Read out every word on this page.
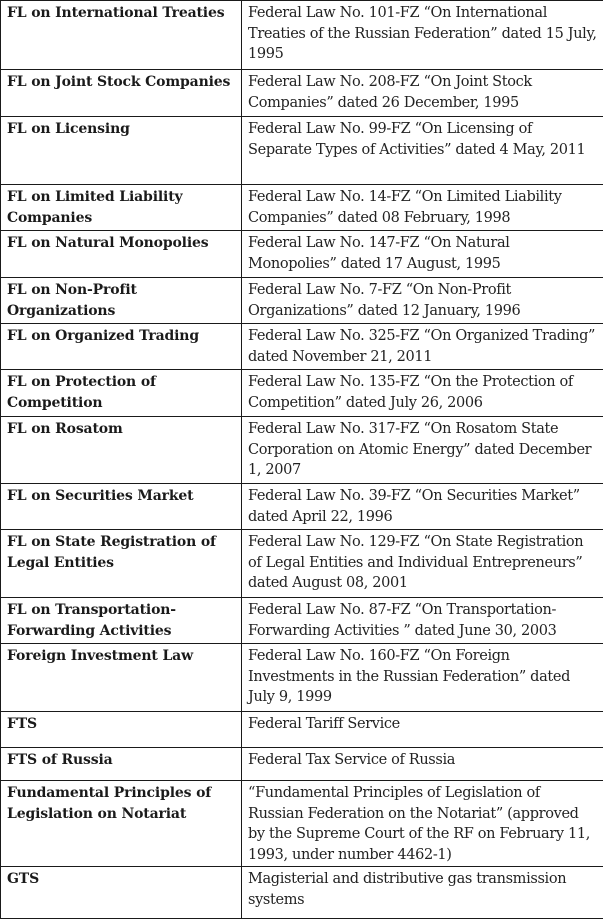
FL on International Treaties	Federal Law No. 101-FZ “On International Treaties of the Russian Federation” dated 15 July, 1995
FL on Joint Stock Companies	Federal Law No. 208-FZ “On Joint Stock Companies” dated 26 December, 1995
FL on Licensing	Federal Law No. 99-FZ “On Licensing of Separate Types of Activities” dated 4 May, 2011
FL on Limited Liability Companies	Federal Law No. 14-FZ “On Limited Liability Companies” dated 08 February, 1998
FL on Natural Monopolies	Federal Law No. 147-FZ “On Natural Monopolies” dated 17 August, 1995
FL on Non-Profit Organizations	Federal Law No. 7-FZ “On Non-Profit Organizations” dated 12 January, 1996
FL on Organized Trading	Federal Law No. 325-FZ “On Organized Trading” dated November 21, 2011
FL on Protection of Competition	Federal Law No. 135-FZ “On the Protection of Competition” dated July 26, 2006
FL on Rosatom	Federal Law No. 317-FZ “On Rosatom State Corporation on Atomic Energy” dated December 1, 2007
FL on Securities Market	Federal Law No. 39-FZ “On Securities Market” dated April 22, 1996
FL on State Registration of Legal Entities	Federal Law No. 129-FZ “On State Registration of Legal Entities and Individual Entrepreneurs” dated August 08, 2001
FL on Transportation-Forwarding Activities	Federal Law No. 87-FZ “On Transportation-Forwarding Activities ” dated June 30, 2003
Foreign Investment Law	Federal Law No. 160-FZ “On Foreign Investments in the Russian Federation” dated July 9, 1999
FTS	Federal Tariff Service
FTS of Russia	Federal Tax Service of Russia
Fundamental Principles of Legislation on Notariat	“Fundamental Principles of Legislation of Russian Federation on the Notariat” (approved by the Supreme Court of the RF on February 11, 1993, under number 4462-1)
GTS	Magisterial and distributive gas transmission systems
